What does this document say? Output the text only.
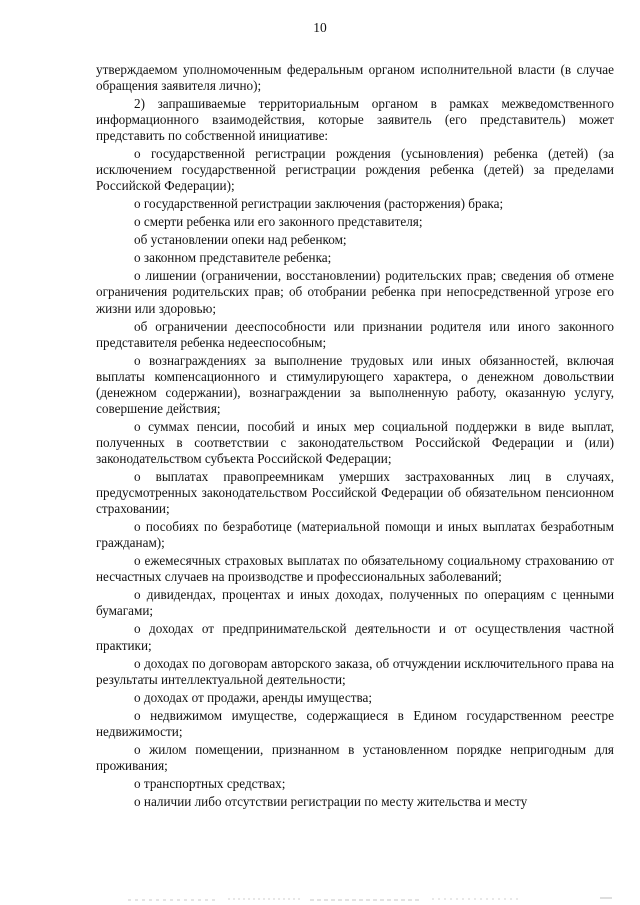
10

утверждаемом уполномоченным федеральным органом исполнительной власти (в случае обращения заявителя лично);

2) запрашиваемые территориальным органом в рамках межведомственного информационного взаимодействия, которые заявитель (его представитель) может представить по собственной инициативе:

о государственной регистрации рождения (усыновления) ребенка (детей) (за исключением государственной регистрации рождения ребенка (детей) за пределами Российской Федерации);

о государственной регистрации заключения (расторжения) брака;

о смерти ребенка или его законного представителя;

об установлении опеки над ребенком;

о законном представителе ребенка;

о лишении (ограничении, восстановлении) родительских прав; сведения об отмене ограничения родительских прав; об отобрании ребенка при непосредственной угрозе его жизни или здоровью;

об ограничении дееспособности или признании родителя или иного законного представителя ребенка недееспособным;

о вознаграждениях за выполнение трудовых или иных обязанностей, включая выплаты компенсационного и стимулирующего характера, о денежном довольствии (денежном содержании), вознаграждении за выполненную работу, оказанную услугу, совершение действия;

о суммах пенсии, пособий и иных мер социальной поддержки в виде выплат, полученных в соответствии с законодательством Российской Федерации и (или) законодательством субъекта Российской Федерации;

о выплатах правопреемникам умерших застрахованных лиц в случаях, предусмотренных законодательством Российской Федерации об обязательном пенсионном страховании;

о пособиях по безработице (материальной помощи и иных выплатах безработным гражданам);

о ежемесячных страховых выплатах по обязательному социальному страхованию от несчастных случаев на производстве и профессиональных заболеваний;

о дивидендах, процентах и иных доходах, полученных по операциям с ценными бумагами;

о доходах от предпринимательской деятельности и от осуществления частной практики;

о доходах по договорам авторского заказа, об отчуждении исключительного права на результаты интеллектуальной деятельности;

о доходах от продажи, аренды имущества;

о недвижимом имуществе, содержащиеся в Едином государственном реестре недвижимости;

о жилом помещении, признанном в установленном порядке непригодным для проживания;

о транспортных средствах;

о наличии либо отсутствии регистрации по месту жительства и месту
